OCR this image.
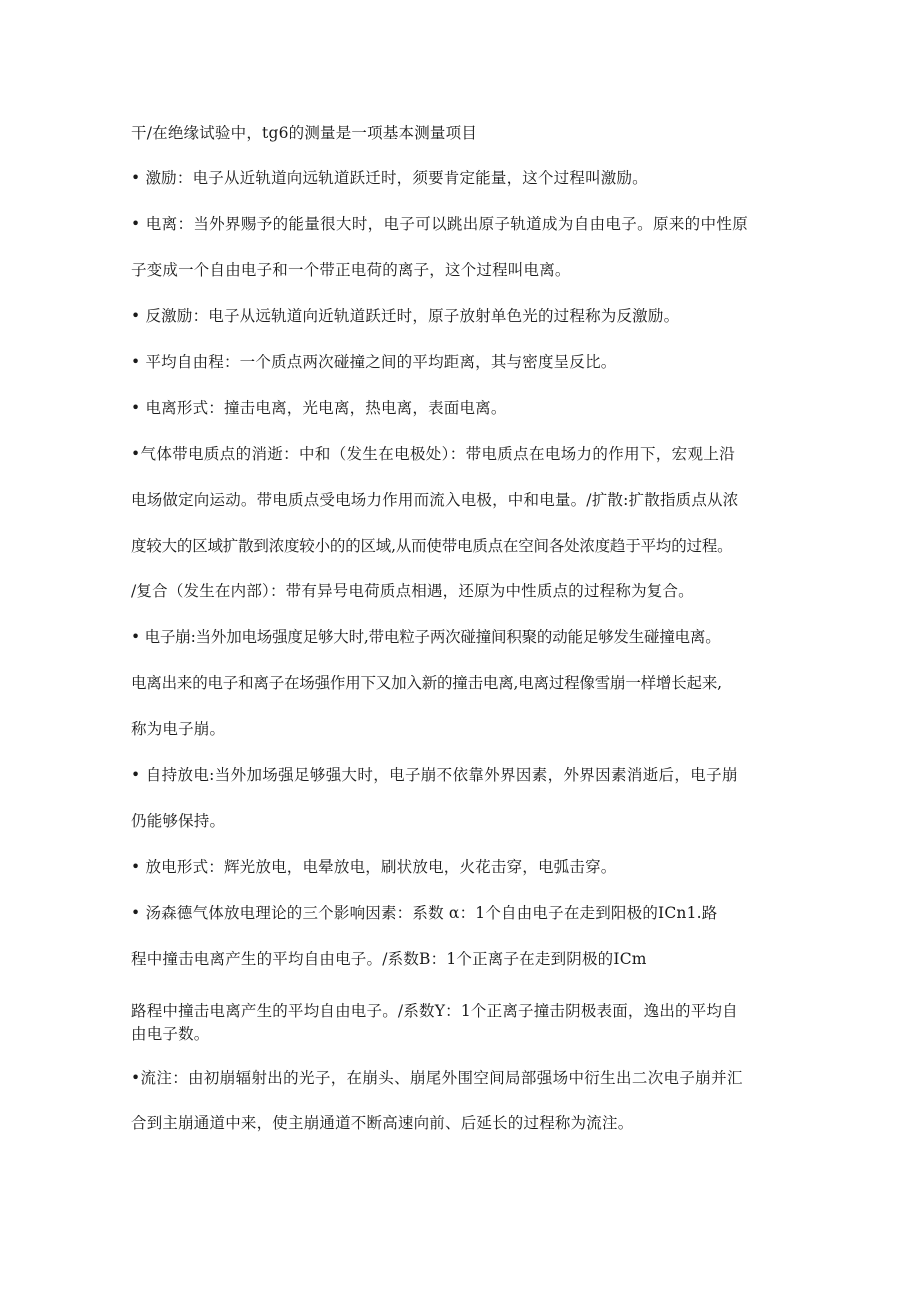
干/在绝缘试验中，tg6的测量是一项基本测量项目
• 激励：电子从近轨道向远轨道跃迁时，须要肯定能量，这个过程叫激励。
• 电离：当外界赐予的能量很大时，电子可以跳出原子轨道成为自由电子。原来的中性原
子变成一个自由电子和一个带正电荷的离子，这个过程叫电离。
• 反激励：电子从远轨道向近轨道跃迁时，原子放射单色光的过程称为反激励。
• 平均自由程：一个质点两次碰撞之间的平均距离，其与密度呈反比。
• 电离形式：撞击电离，光电离，热电离，表面电离。
•气体带电质点的消逝：中和（发生在电极处）：带电质点在电场力的作用下，宏观上沿
电场做定向运动。带电质点受电场力作用而流入电极，中和电量。/扩散:扩散指质点从浓
度较大的区域扩散到浓度较小的的区域,从而使带电质点在空间各处浓度趋于平均的过程。
/复合（发生在内部）：带有异号电荷质点相遇，还原为中性质点的过程称为复合。
• 电子崩:当外加电场强度足够大时,带电粒子两次碰撞间积聚的动能足够发生碰撞电离。
电离出来的电子和离子在场强作用下又加入新的撞击电离,电离过程像雪崩一样增长起来,
称为电子崩。
• 自持放电:当外加场强足够强大时，电子崩不依靠外界因素，外界因素消逝后，电子崩
仍能够保持。
• 放电形式：辉光放电，电晕放电，刷状放电，火花击穿，电弧击穿。
• 汤森德气体放电理论的三个影响因素：系数 α：1个自由电子在走到阳极的ICn1.路
程中撞击电离产生的平均自由电子。/系数B：1个正离子在走到阴极的ICm
路程中撞击电离产生的平均自由电子。/系数Y：1个正离子撞击阴极表面，逸出的平均自
由电子数。
•流注：由初崩辐射出的光子，在崩头、崩尾外围空间局部强场中衍生出二次电子崩并汇
合到主崩通道中来，使主崩通道不断高速向前、后延长的过程称为流注。
